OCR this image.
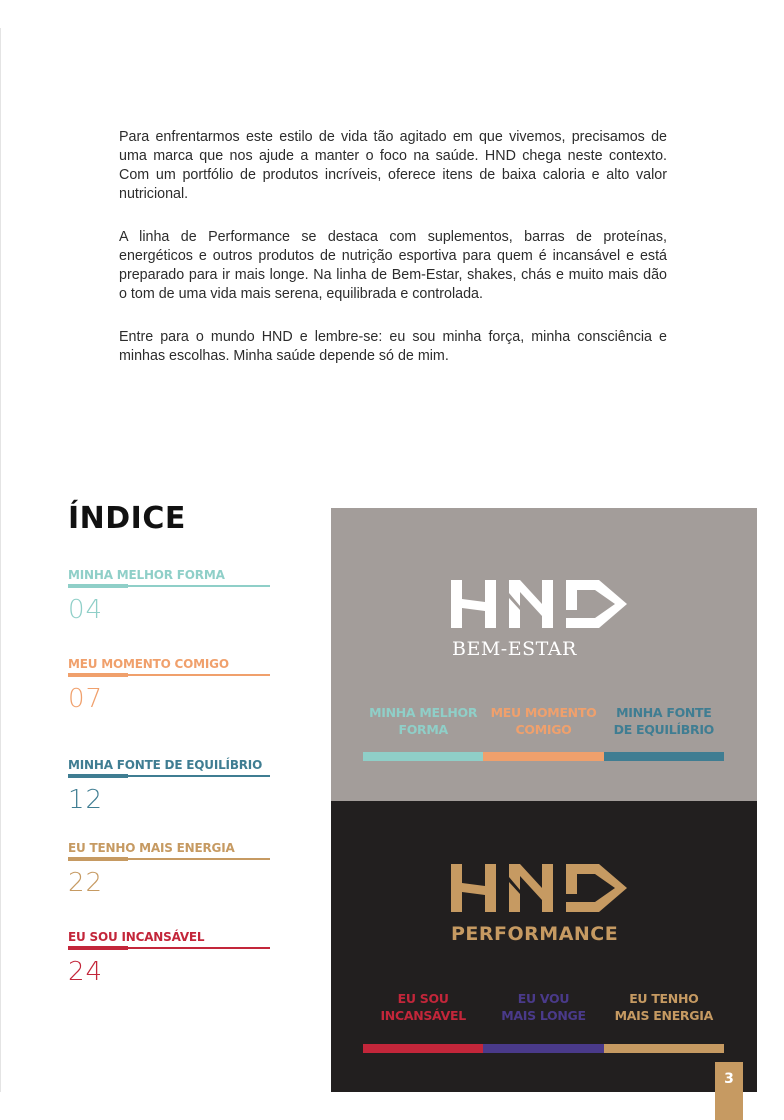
Para enfrentarmos este estilo de vida tão agitado em que vivemos, precisamos de uma marca que nos ajude a manter o foco na saúde. HND chega neste contexto. Com um portfólio de produtos incríveis, oferece itens de baixa caloria e alto valor nutricional.

A linha de Performance se destaca com suplementos, barras de proteínas, energéticos e outros produtos de nutrição esportiva para quem é incansável e está preparado para ir mais longe. Na linha de Bem-Estar, shakes, chás e muito mais dão o tom de uma vida mais serena, equilibrada e controlada.

Entre para o mundo HND e lembre-se: eu sou minha força, minha consciência e minhas escolhas. Minha saúde depende só de mim.

ÍNDICE
MINHA MELHOR FORMA
04
MEU MOMENTO COMIGO
07
MINHA FONTE DE EQUILÍBRIO
12
EU TENHO MAIS ENERGIA
22
EU SOU INCANSÁVEL
24
BEM-ESTAR
MINHA MELHOR
FORMA
MEU MOMENTO
COMIGO
MINHA FONTE
DE EQUILÍBRIO
PERFORMANCE
EU SOU
INCANSÁVEL
EU VOU
MAIS LONGE
EU TENHO
MAIS ENERGIA
3
